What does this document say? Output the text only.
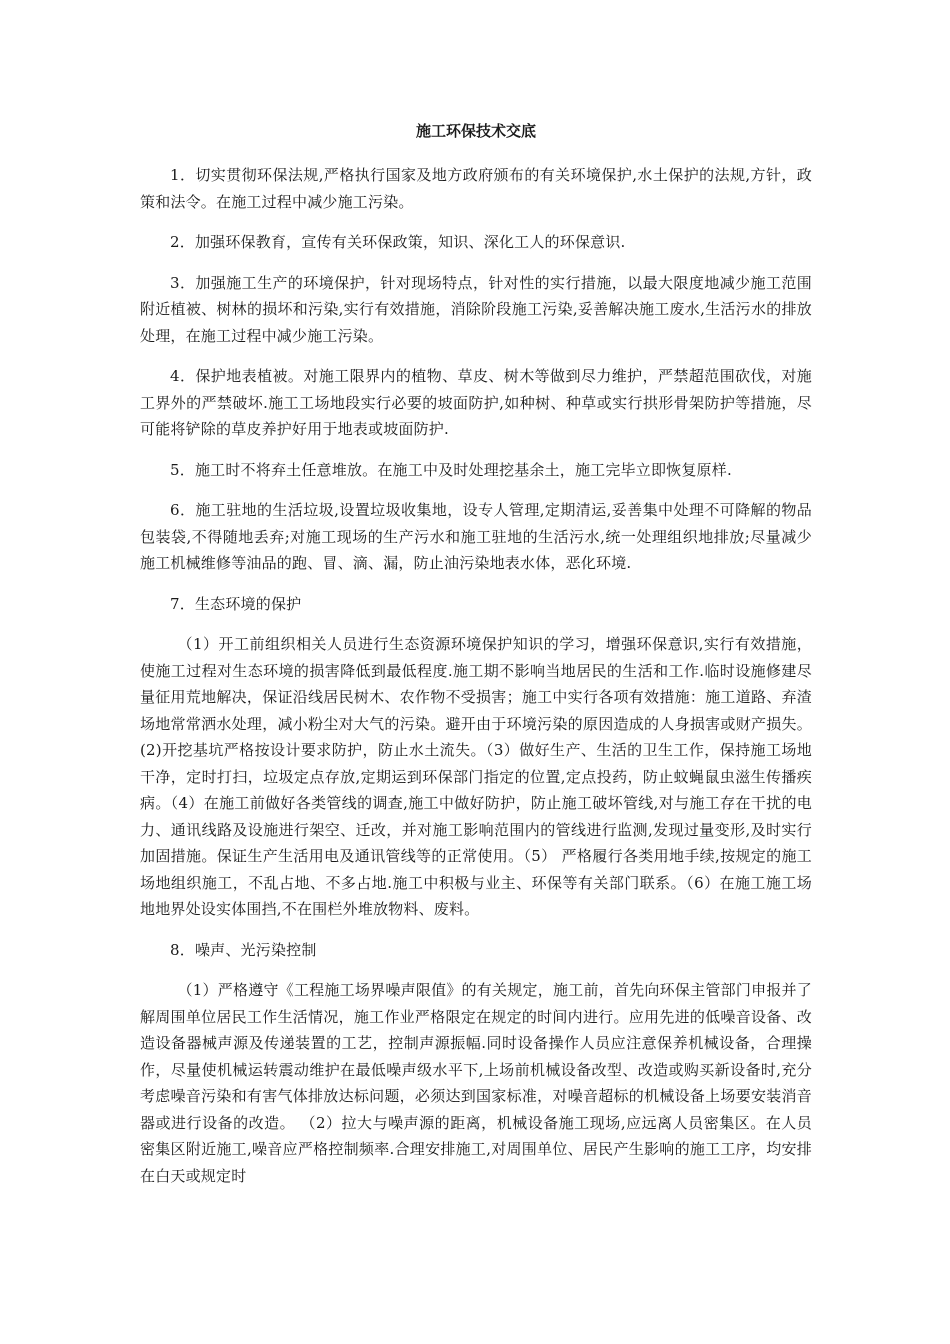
施工环保技术交底

1．切实贯彻环保法规,严格执行国家及地方政府颁布的有关环境保护,水土保护的法规,方针，政策和法令。在施工过程中减少施工污染。

2．加强环保教育，宣传有关环保政策，知识、深化工人的环保意识.

3．加强施工生产的环境保护，针对现场特点，针对性的实行措施，以最大限度地减少施工范围附近植被、树林的损坏和污染,实行有效措施，消除阶段施工污染,妥善解决施工废水,生活污水的排放处理，在施工过程中减少施工污染。

4．保护地表植被。对施工限界内的植物、草皮、树木等做到尽力维护，严禁超范围砍伐，对施工界外的严禁破坏.施工工场地段实行必要的坡面防护,如种树、种草或实行拱形骨架防护等措施，尽可能将铲除的草皮养护好用于地表或坡面防护.

5．施工时不将弃土任意堆放。在施工中及时处理挖基余土，施工完毕立即恢复原样.

6．施工驻地的生活垃圾,设置垃圾收集地，设专人管理,定期清运,妥善集中处理不可降解的物品包装袋,不得随地丢弃;对施工现场的生产污水和施工驻地的生活污水,统一处理组织地排放;尽量减少施工机械维修等油品的跑、冒、滴、漏，防止油污染地表水体，恶化环境.

7．生态环境的保护

（1）开工前组织相关人员进行生态资源环境保护知识的学习，增强环保意识,实行有效措施，使施工过程对生态环境的损害降低到最低程度.施工期不影响当地居民的生活和工作.临时设施修建尽量征用荒地解决，保证沿线居民树木、农作物不受损害；施工中实行各项有效措施：施工道路、弃渣场地常常洒水处理，减小粉尘对大气的污染。避开由于环境污染的原因造成的人身损害或财产损失。(2)开挖基坑严格按设计要求防护，防止水土流失。（3）做好生产、生活的卫生工作，保持施工场地干净，定时打扫，垃圾定点存放,定期运到环保部门指定的位置,定点投药，防止蚊蝇鼠虫滋生传播疾病。（4）在施工前做好各类管线的调查,施工中做好防护，防止施工破坏管线,对与施工存在干扰的电力、通讯线路及设施进行架空、迁改，并对施工影响范围内的管线进行监测,发现过量变形,及时实行加固措施。保证生产生活用电及通讯管线等的正常使用。（5） 严格履行各类用地手续,按规定的施工场地组织施工，不乱占地、不多占地.施工中积极与业主、环保等有关部门联系。（6）在施工施工场地地界处设实体围挡,不在围栏外堆放物料、废料。

8．噪声、光污染控制

（1）严格遵守《工程施工场界噪声限值》的有关规定，施工前，首先向环保主管部门申报并了解周围单位居民工作生活情况，施工作业严格限定在规定的时间内进行。应用先进的低噪音设备、改造设备器械声源及传递装置的工艺，控制声源振幅.同时设备操作人员应注意保养机械设备，合理操作，尽量使机械运转震动维护在最低噪声级水平下,上场前机械设备改型、改造或购买新设备时,充分考虑噪音污染和有害气体排放达标问题，必须达到国家标准，对噪音超标的机械设备上场要安装消音器或进行设备的改造。 （2）拉大与噪声源的距离，机械设备施工现场,应远离人员密集区。在人员密集区附近施工,噪音应严格控制频率.合理安排施工,对周围单位、居民产生影响的施工工序，均安排在白天或规定时
